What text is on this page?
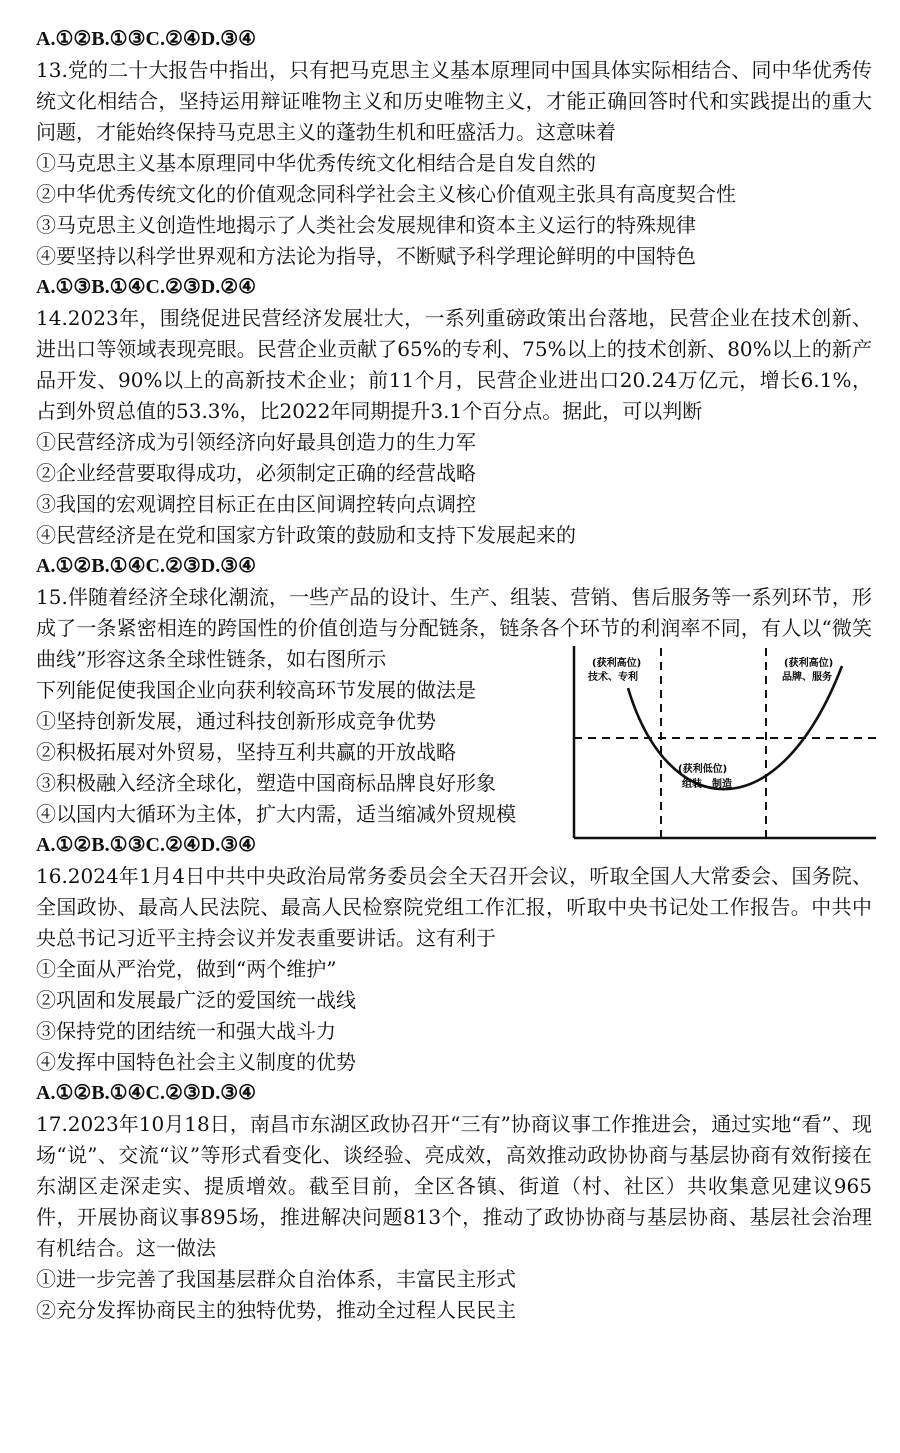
A.①②B.①③C.②④D.③④
13.党的二十大报告中指出，只有把马克思主义基本原理同中国具体实际相结合、同中华优秀传统文化相结合，坚持运用辩证唯物主义和历史唯物主义，才能正确回答时代和实践提出的重大问题，才能始终保持马克思主义的蓬勃生机和旺盛活力。这意味着
①马克思主义基本原理同中华优秀传统文化相结合是自发自然的
②中华优秀传统文化的价值观念同科学社会主义核心价值观主张具有高度契合性
③马克思主义创造性地揭示了人类社会发展规律和资本主义运行的特殊规律
④要坚持以科学世界观和方法论为指导，不断赋予科学理论鲜明的中国特色
A.①③B.①④C.②③D.②④
14.2023年，围绕促进民营经济发展壮大，一系列重磅政策出台落地，民营企业在技术创新、进出口等领域表现亮眼。民营企业贡献了65%的专利、75%以上的技术创新、80%以上的新产品开发、90%以上的高新技术企业；前11个月，民营企业进出口20.24万亿元，增长6.1%，占到外贸总值的53.3%，比2022年同期提升3.1个百分点。据此，可以判断
①民营经济成为引领经济向好最具创造力的生力军
②企业经营要取得成功，必须制定正确的经营战略
③我国的宏观调控目标正在由区间调控转向点调控
④民营经济是在党和国家方针政策的鼓励和支持下发展起来的
A.①②B.①④C.②③D.③④
15.伴随着经济全球化潮流，一些产品的设计、生产、组装、营销、售后服务等一系列环节，形成了一条紧密相连的跨国性的价值创造与分配链条，链条各个环节的利润率不同，有人以“微笑曲线”形容这条全球性链条，如右图所示
下列能促使我国企业向获利较高环节发展的做法是
①坚持创新发展，通过科技创新形成竞争优势
②积极拓展对外贸易，坚持互利共赢的开放战略
③积极融入经济全球化，塑造中国商标品牌良好形象
④以国内大循环为主体，扩大内需，适当缩减外贸规模
A.①②B.①③C.②④D.③④
(获利高位)
技术、专利
(获利高位)
品牌、服务
(获利低位)
组装、制造
16.2024年1月4日中共中央政治局常务委员会全天召开会议，听取全国人大常委会、国务院、全国政协、最高人民法院、最高人民检察院党组工作汇报，听取中央书记处工作报告。中共中央总书记习近平主持会议并发表重要讲话。这有利于
①全面从严治党，做到“两个维护”
②巩固和发展最广泛的爱国统一战线
③保持党的团结统一和强大战斗力
④发挥中国特色社会主义制度的优势
A.①②B.①④C.②③D.③④
17.2023年10月18日，南昌市东湖区政协召开“三有”协商议事工作推进会，通过实地“看”、现场“说”、交流“议”等形式看变化、谈经验、亮成效，高效推动政协协商与基层协商有效衔接在东湖区走深走实、提质增效。截至目前，全区各镇、街道（村、社区）共收集意见建议965件，开展协商议事895场，推进解决问题813个，推动了政协协商与基层协商、基层社会治理有机结合。这一做法
①进一步完善了我国基层群众自治体系，丰富民主形式
②充分发挥协商民主的独特优势，推动全过程人民民主
